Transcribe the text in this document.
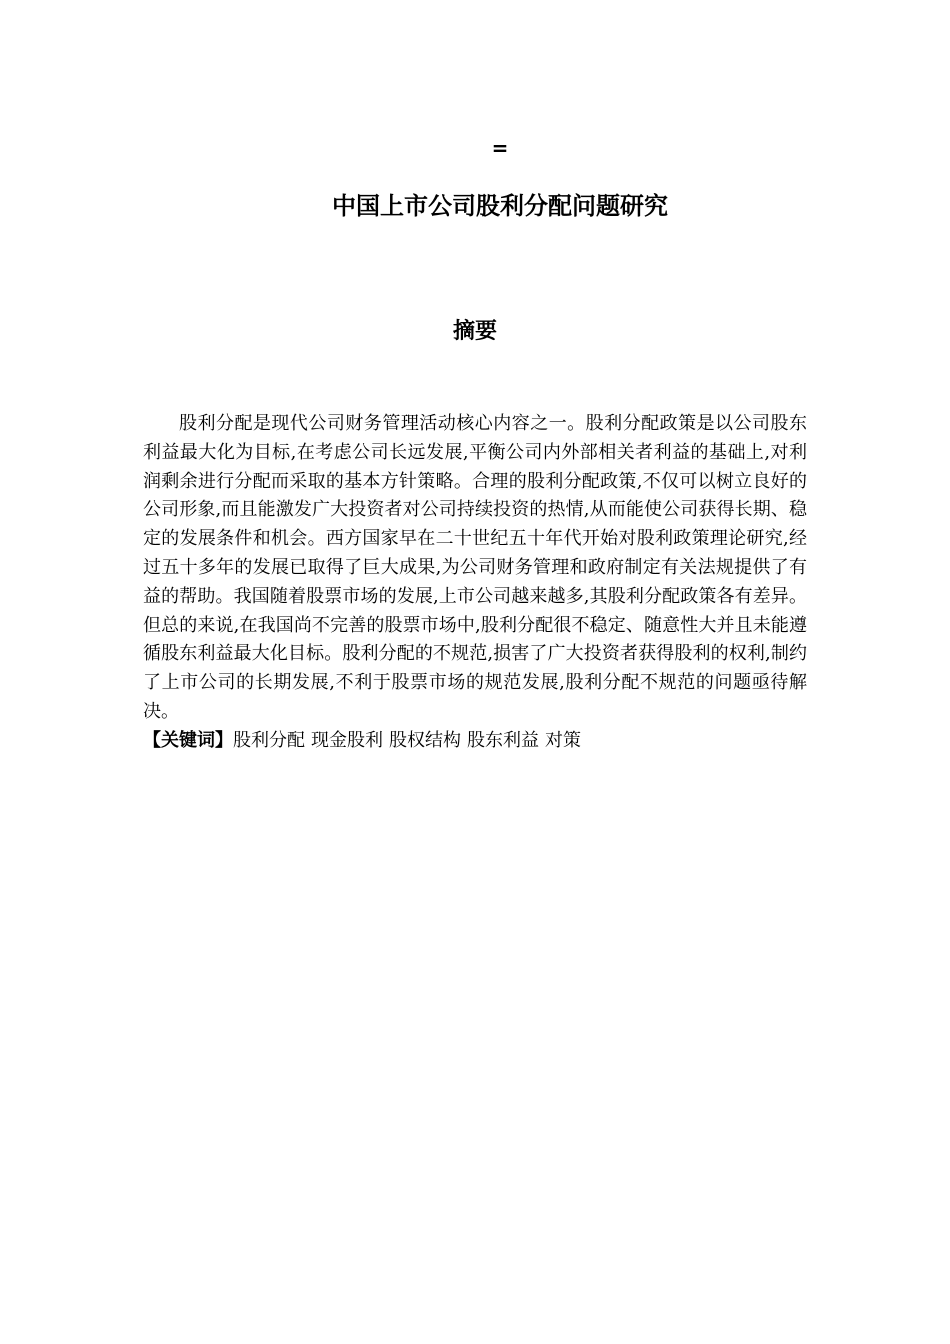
=
中国上市公司股利分配问题研究
摘要

股利分配是现代公司财务管理活动核心内容之一。股利分配政策是以公司股东利益最大化为目标,在考虑公司长远发展,平衡公司内外部相关者利益的基础上,对利润剩余进行分配而采取的基本方针策略。合理的股利分配政策,不仅可以树立良好的公司形象,而且能激发广大投资者对公司持续投资的热情,从而能使公司获得长期、稳定的发展条件和机会。西方国家早在二十世纪五十年代开始对股利政策理论研究,经过五十多年的发展已取得了巨大成果,为公司财务管理和政府制定有关法规提供了有益的帮助。我国随着股票市场的发展,上市公司越来越多,其股利分配政策各有差异。但总的来说,在我国尚不完善的股票市场中,股利分配很不稳定、随意性大并且未能遵循股东利益最大化目标。股利分配的不规范,损害了广大投资者获得股利的权利,制约了上市公司的长期发展,不利于股票市场的规范发展,股利分配不规范的问题亟待解决。

【关键词】股利分配 现金股利 股权结构 股东利益 对策
